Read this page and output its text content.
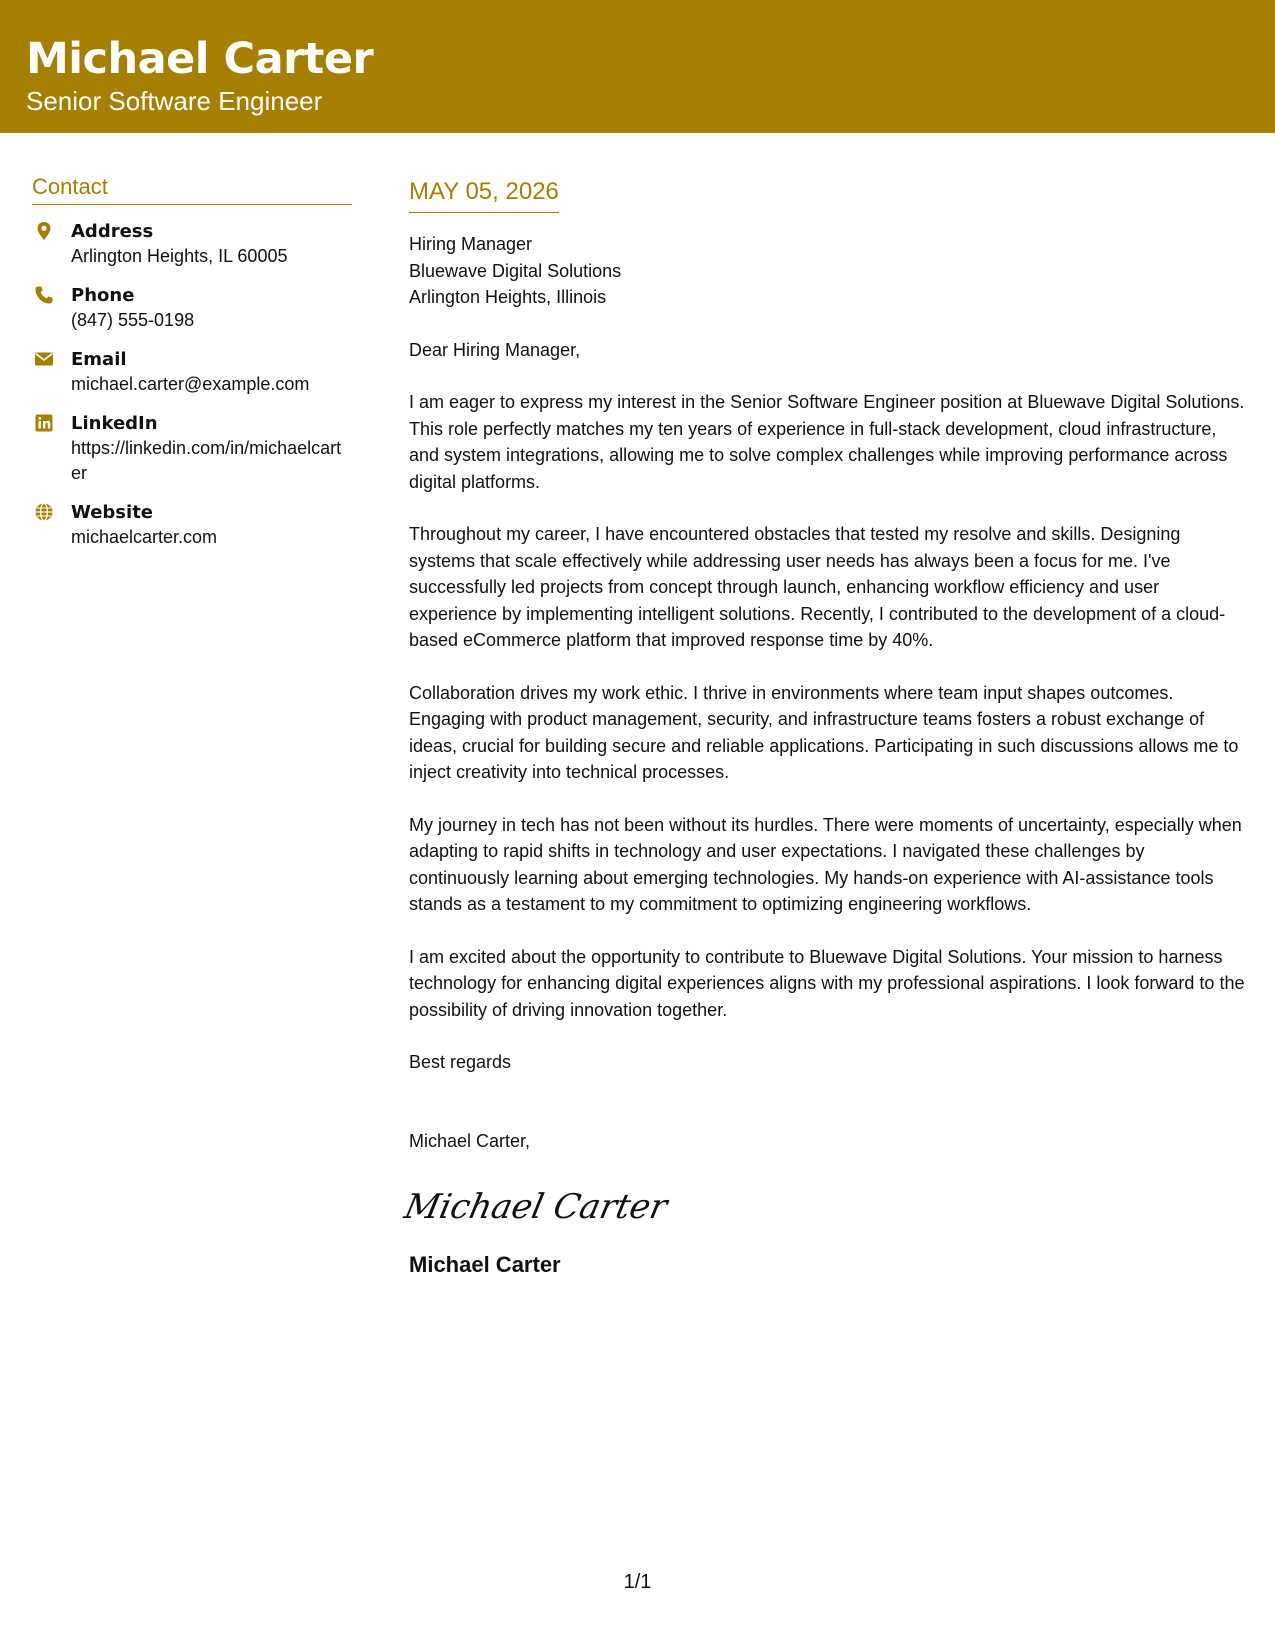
Michael Carter
Senior Software Engineer
Contact
Address
Arlington Heights, IL 60005
Phone
(847) 555-0198
Email
michael.carter@example.com
LinkedIn
https://linkedin.com/in/michaelcarter
Website
michaelcarter.com
MAY 05, 2026
Hiring Manager
Bluewave Digital Solutions
Arlington Heights, Illinois
Dear Hiring Manager,
I am eager to express my interest in the Senior Software Engineer position at Bluewave Digital Solutions. This role perfectly matches my ten years of experience in full-stack development, cloud infrastructure, and system integrations, allowing me to solve complex challenges while improving performance across digital platforms.
Throughout my career, I have encountered obstacles that tested my resolve and skills. Designing systems that scale effectively while addressing user needs has always been a focus for me. I've successfully led projects from concept through launch, enhancing workflow efficiency and user experience by implementing intelligent solutions. Recently, I contributed to the development of a cloud-based eCommerce platform that improved response time by 40%.
Collaboration drives my work ethic. I thrive in environments where team input shapes outcomes. Engaging with product management, security, and infrastructure teams fosters a robust exchange of ideas, crucial for building secure and reliable applications. Participating in such discussions allows me to inject creativity into technical processes.
My journey in tech has not been without its hurdles. There were moments of uncertainty, especially when adapting to rapid shifts in technology and user expectations. I navigated these challenges by continuously learning about emerging technologies. My hands-on experience with AI-assistance tools stands as a testament to my commitment to optimizing engineering workflows.
I am excited about the opportunity to contribute to Bluewave Digital Solutions. Your mission to harness technology for enhancing digital experiences aligns with my professional aspirations. I look forward to the possibility of driving innovation together.
Best regards
Michael Carter,
Michael Carter
Michael Carter
1/1
